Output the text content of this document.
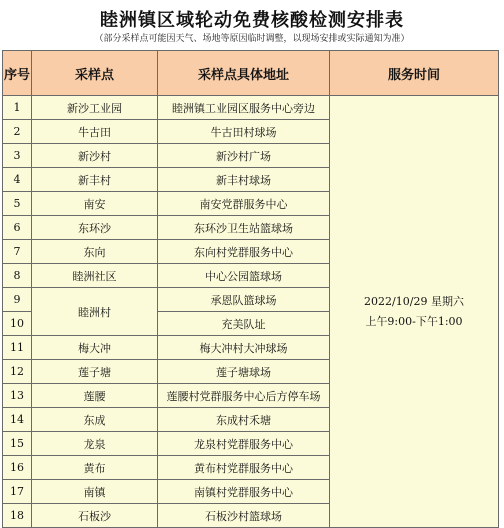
睦洲镇区域轮动免费核酸检测安排表
（部分采样点可能因天气、场地等原因临时调整，以现场安排或实际通知为准）
序号	采样点	采样点具体地址	服务时间
1	新沙工业园	睦洲镇工业园区服务中心旁边	2022/10/29 星期六
上午9:00-下午1:00

2	牛古田	牛古田村球场	
3	新沙村	新沙村广场	
4	新丰村	新丰村球场	
5	南安	南安党群服务中心	
6	东环沙	东环沙卫生站篮球场	
7	东向	东向村党群服务中心	
8	睦洲社区	中心公园篮球场	
9	睦洲村	承恩队篮球场	
10		充美队址	
11	梅大冲	梅大冲村大冲球场	
12	莲子塘	莲子塘球场	
13	莲腰	莲腰村党群服务中心后方停车场	
14	东成	东成村禾塘	
15	龙泉	龙泉村党群服务中心	
16	黄布	黄布村党群服务中心	
17	南镇	南镇村党群服务中心	
18	石板沙	石板沙村篮球场	
